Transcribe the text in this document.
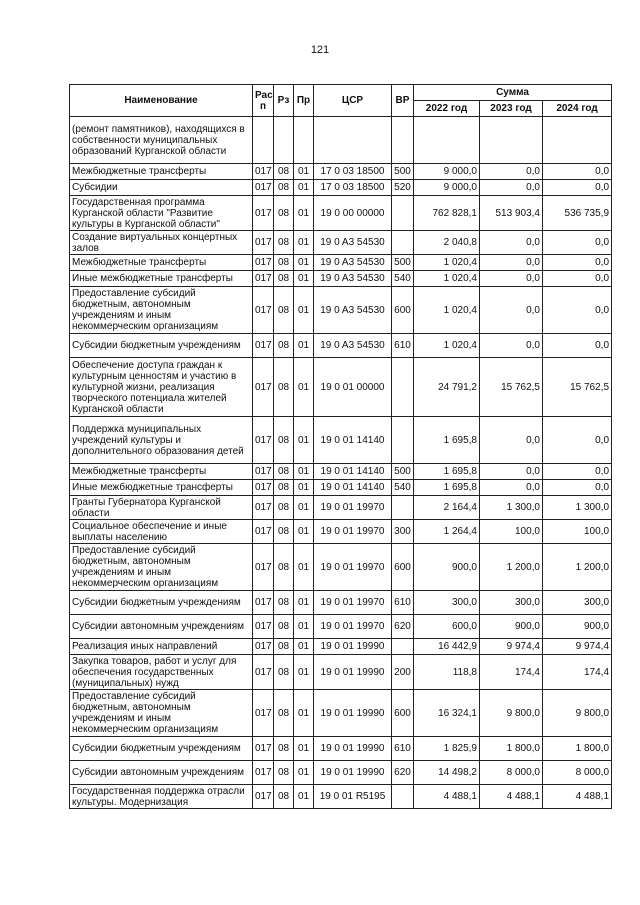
121
Наименование	Рас п	Рз	Пр	ЦСР	ВР	Сумма		
						2022 год	2023 год	2024 год
(ремонт памятников), находящихся в собственности муниципальных образований Курганской области								
Межбюджетные трансферты	017	08	01	17 0 03 18500	500	9 000,0	0,0	0,0
Субсидии	017	08	01	17 0 03 18500	520	9 000,0	0,0	0,0
Государственная программа Курганской области "Развитие культуры в Курганской области"	017	08	01	19 0 00 00000		762 828,1	513 903,4	536 735,9
Создание виртуальных концертных залов	017	08	01	19 0 A3 54530		2 040,8	0,0	0,0
Межбюджетные трансферты	017	08	01	19 0 A3 54530	500	1 020,4	0,0	0,0
Иные межбюджетные трансферты	017	08	01	19 0 A3 54530	540	1 020,4	0,0	0,0
Предоставление субсидий бюджетным, автономным учреждениям и иным некоммерческим организациям	017	08	01	19 0 A3 54530	600	1 020,4	0,0	0,0
Субсидии бюджетным учреждениям	017	08	01	19 0 A3 54530	610	1 020,4	0,0	0,0
Обеспечение доступа граждан к культурным ценностям и участию в культурной жизни, реализация творческого потенциала жителей Курганской области	017	08	01	19 0 01 00000		24 791,2	15 762,5	15 762,5
Поддержка муниципальных учреждений культуры и дополнительного образования детей	017	08	01	19 0 01 14140		1 695,8	0,0	0,0
Межбюджетные трансферты	017	08	01	19 0 01 14140	500	1 695,8	0,0	0,0
Иные межбюджетные трансферты	017	08	01	19 0 01 14140	540	1 695,8	0,0	0,0
Гранты Губернатора Курганской области	017	08	01	19 0 01 19970		2 164,4	1 300,0	1 300,0
Социальное обеспечение и иные выплаты населению	017	08	01	19 0 01 19970	300	1 264,4	100,0	100,0
Предоставление субсидий бюджетным, автономным учреждениям и иным некоммерческим организациям	017	08	01	19 0 01 19970	600	900,0	1 200,0	1 200,0
Субсидии бюджетным учреждениям	017	08	01	19 0 01 19970	610	300,0	300,0	300,0
Субсидии автономным учреждениям	017	08	01	19 0 01 19970	620	600,0	900,0	900,0
Реализация иных направлений	017	08	01	19 0 01 19990		16 442,9	9 974,4	9 974,4
Закупка товаров, работ и услуг для обеспечения государственных (муниципальных) нужд	017	08	01	19 0 01 19990	200	118,8	174,4	174,4
Предоставление субсидий бюджетным, автономным учреждениям и иным некоммерческим организациям	017	08	01	19 0 01 19990	600	16 324,1	9 800,0	9 800,0
Субсидии бюджетным учреждениям	017	08	01	19 0 01 19990	610	1 825,9	1 800,0	1 800,0
Субсидии автономным учреждениям	017	08	01	19 0 01 19990	620	14 498,2	8 000,0	8 000,0
Государственная поддержка отрасли культуры. Модернизация	017	08	01	19 0 01 R5195		4 488,1	4 488,1	4 488,1
